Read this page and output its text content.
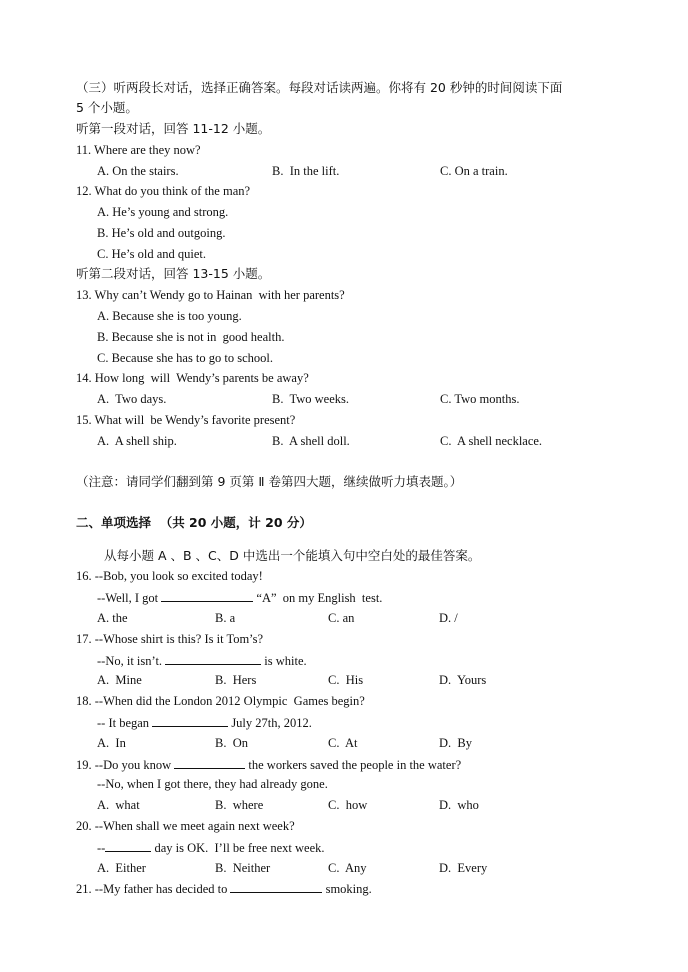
（三）听两段长对话，选择正确答案。每段对话读两遍。你将有 20 秒钟的时间阅读下面
5 个小题。
听第一段对话，回答 11-12 小题。
11. Where are they now?
A. On the stairs.	B.  In the lift.	C. On a train.
12. What do you think of the man?
A. He’s young and strong.
B. He’s old and outgoing.
C. He’s old and quiet.
听第二段对话，回答 13-15 小题。
13. Why can’t Wendy go to Hainan  with her parents?
A. Because she is too young.
B. Because she is not in  good health.
C. Because she has to go to school.
14. How long  will  Wendy’s parents be away?
A.  Two days.	B.  Two weeks.	C. Two months.
15. What will  be Wendy’s favorite present?
A.  A shell ship.	B.  A shell doll.	C.  A shell necklace.
（注意：请同学们翻到第 9 页第 Ⅱ 卷第四大题，继续做听力填表题。）
二、单项选择  （共 20 小题，计 20 分）
从每小题 A 、B 、C、D 中选出一个能填入句中空白处的最佳答案。
16. --Bob, you look so excited today!
--Well, I got	“A”  on my English  test.
A. the	B. a	C. an	D. /
17. --Whose shirt is this? Is it Tom’s?
--No, it isn’t.	is white.
A.  Mine	B.  Hers	C.  His	D.  Yours
18. --When did the London 2012 Olympic  Games begin?
-- It began	July 27th, 2012.
A.  In	B.  On	C.  At	D.  By
19. --Do you know	the workers saved the people in the water?
--No, when I got there, they had already gone.
A.  what	B.  where	C.  how	D.  who
20. --When shall we meet again next week?
--	day is OK.  I’ll be free next week.
A.  Either	B.  Neither	C.  Any	D.  Every
21. --My father has decided to	smoking.
